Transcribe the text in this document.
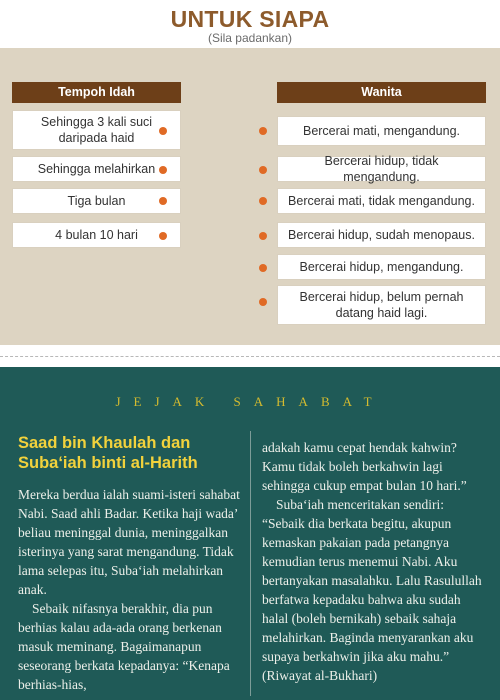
UNTUK SIAPA
(Sila padankan)
Tempoh Idah	Wanita
Sehingga 3 kali suci daripada haid
Sehingga melahirkan
Tiga bulan
4 bulan 10 hari
Bercerai mati, mengandung.
Bercerai hidup, tidak mengandung.
Bercerai mati, tidak mengandung.
Bercerai hidup, sudah menopaus.
Bercerai hidup, mengandung.
Bercerai hidup, belum pernah datang haid lagi.
JEJAK SAHABAT
Saad bin Khaulah dan Suba‘iah binti al-Harith

Mereka berdua ialah suami-isteri sahabat Nabi. Saad ahli Badar. Ketika haji wada’ beliau meninggal dunia, meninggalkan isterinya yang sarat mengandung. Tidak lama selepas itu, Suba‘iah melahirkan anak.

Sebaik nifasnya berakhir, dia pun berhias kalau ada-ada orang berkenan masuk meminang. Bagaimanapun seseorang berkata kepadanya: “Kenapa berhias-hias,

adakah kamu cepat hendak kahwin? Kamu tidak boleh berkahwin lagi sehingga cukup empat bulan 10 hari.”

Suba‘iah menceritakan sendiri: “Sebaik dia berkata begitu, akupun kemaskan pakaian pada petangnya kemudian terus menemui Nabi. Aku bertanyakan masalahku. Lalu Rasulullah berfatwa kepadaku bahwa aku sudah halal (boleh bernikah) sebaik sahaja melahirkan. Baginda menyarankan aku supaya berkahwin jika aku mahu.” (Riwayat al-Bukhari)
